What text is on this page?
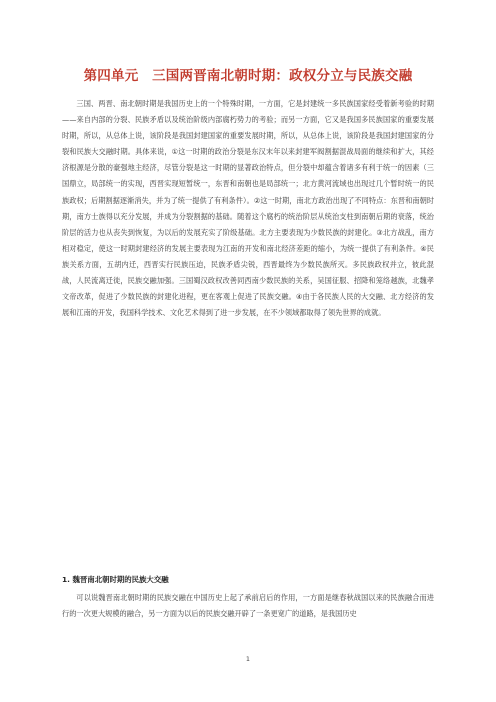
第四单元　三国两晋南北朝时期：政权分立与民族交融

三国、两晋、南北朝时期是我国历史上的一个特殊时期，一方面，它是封建统一多民族国家经受着新考验的时期——来自内部的分裂、民族矛盾以及统治阶级内部腐朽势力的考验；而另一方面，它又是我国多民族国家的重要发展时期，所以，从总体上说，该阶段是我国封建国家的重要发展时期，所以，从总体上说，该阶段是我国封建国家的分裂和民族大交融时期。具体来说，①这一时期的政治分裂是东汉末年以来封建军阀割据混战局面的继续和扩大，其经济根源是分散的豪强地主经济，尽管分裂是这一时期的显著政治特点，但分裂中却蕴含着诸多有利于统一的因素（三国鼎立，局部统一的实现，西晋实现短暂统一，东晋和南朝也是局部统一；北方黄河流域也出现过几个暂时统一的民族政权；后期割据逐渐消失，并为了统一提供了有利条件）。②这一时期，南北方政治出现了不同特点：东晋和南朝时期，南方士族得以充分发展，并成为分裂割据的基础。随着这个腐朽的统治阶层从统治支柱到南朝后期的衰落，统治阶层的活力也从丧失到恢复，为以后的发展充实了阶级基础。北方主要表现为少数民族的封建化。③北方战乱，南方相对稳定，使这一时期封建经济的发展主要表现为江南的开发和南北经济差距的缩小，为统一提供了有利条件。④民族关系方面，五胡内迁，西晋实行民族压迫，民族矛盾尖锐，西晋最终为少数民族所灭。多民族政权并立，彼此混战，人民流离迁徙，民族交融加强。三国蜀汉政权改善同西南少数民族的关系，吴国征服、招降和笼络越族，北魏孝文帝改革，促进了少数民族的封建化进程，更在客观上促进了民族交融。④由于各民族人民的大交融、北方经济的发展和江南的开发，我国科学技术、文化艺术得到了进一步发展，在不少领域都取得了领先世界的成就。

1. 魏晋南北朝时期的民族大交融

可以说魏晋南北朝时期的民族交融在中国历史上起了承前启后的作用，一方面是继春秋战国以来的民族融合而进行的一次更大规模的融合，另一方面为以后的民族交融开辟了一条更宽广的道路，是我国历史

1
